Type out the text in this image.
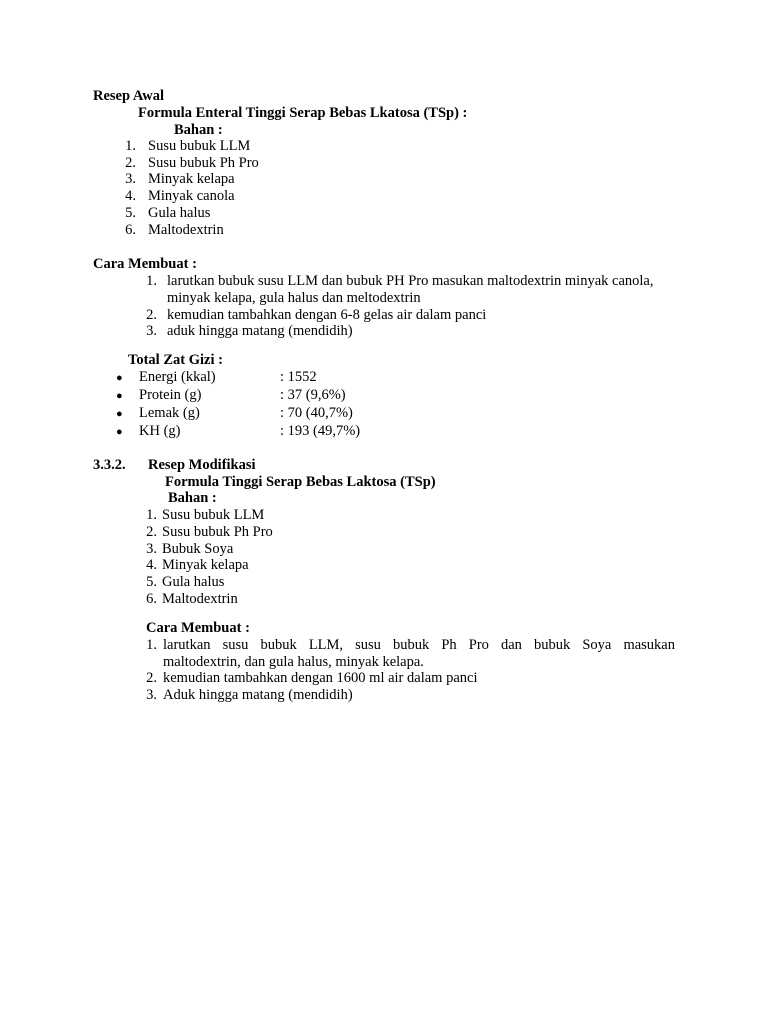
Resep Awal
Formula Enteral Tinggi Serap Bebas Lkatosa (TSp) :
Bahan :
1. Susu bubuk LLM
2. Susu bubuk Ph Pro
3. Minyak kelapa
4. Minyak canola
5. Gula halus
6. Maltodextrin
Cara Membuat :
1. larutkan bubuk susu LLM dan bubuk PH Pro masukan maltodextrin minyak canola,
minyak kelapa, gula halus dan meltodextrin
2. kemudian tambahkan dengan 6-8 gelas air dalam panci
3. aduk hingga matang (mendidih)
Total Zat Gizi :
● Energi (kkal)	: 1552
● Protein (g)	: 37 (9,6%)
● Lemak (g)	: 70 (40,7%)
● KH (g)	: 193 (49,7%)
3.3.2. Resep Modifikasi
Formula Tinggi Serap Bebas Laktosa (TSp)
Bahan :
1. Susu bubuk LLM
2. Susu bubuk Ph Pro
3. Bubuk Soya
4. Minyak kelapa
5. Gula halus
6. Maltodextrin
Cara Membuat :
1. larutkan susu bubuk LLM, susu bubuk Ph Pro dan bubuk Soya masukan
maltodextrin, dan gula halus, minyak kelapa.
2. kemudian tambahkan dengan 1600 ml air dalam panci
3. Aduk hingga matang (mendidih)
